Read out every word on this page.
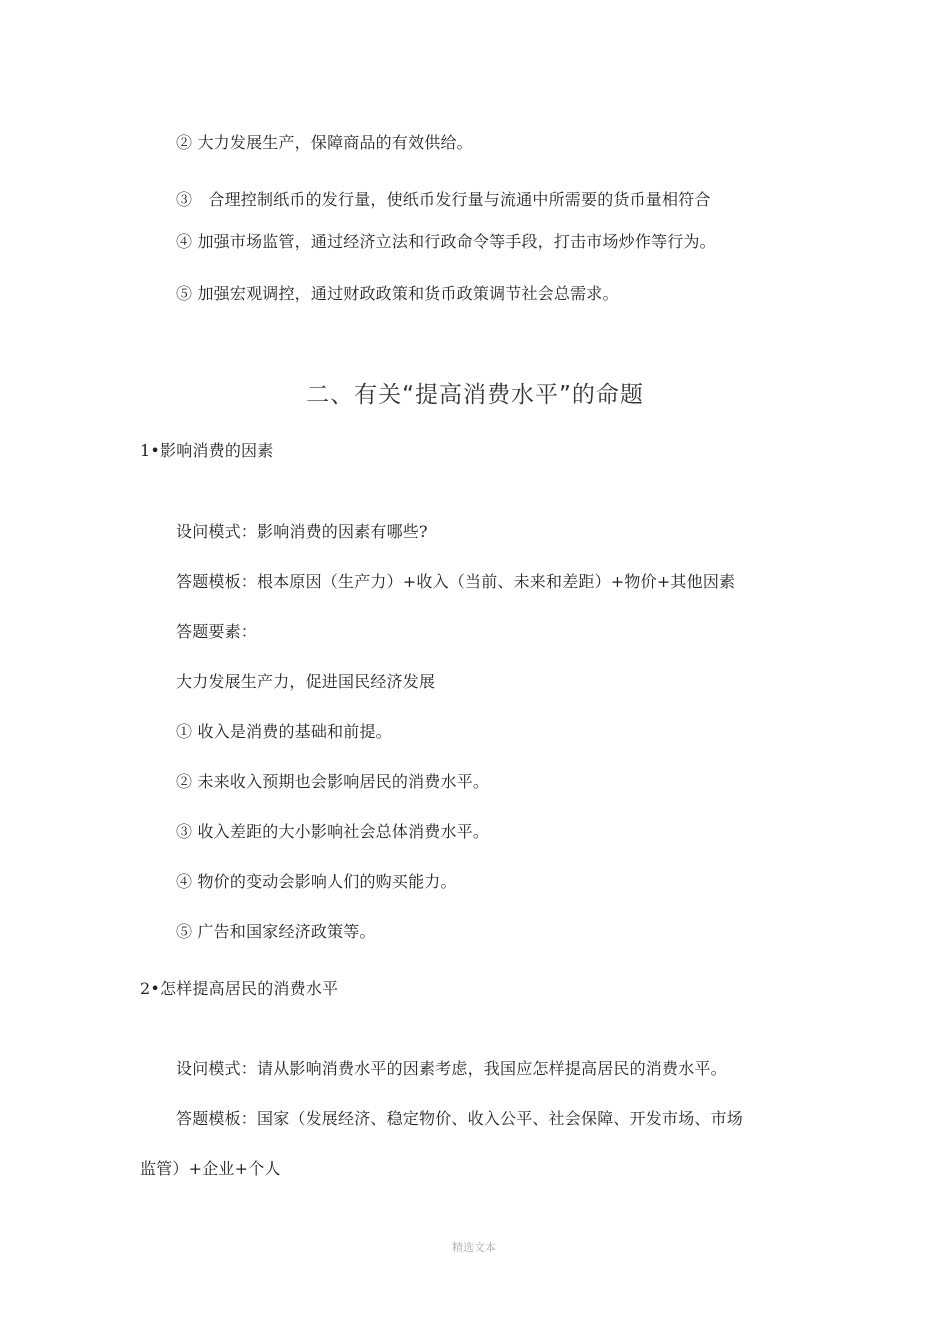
② 大力发展生产，保障商品的有效供给。
③　合理控制纸币的发行量，使纸币发行量与流通中所需要的货币量相符合
④ 加强市场监管，通过经济立法和行政命令等手段，打击市场炒作等行为。
⑤ 加强宏观调控，通过财政政策和货币政策调节社会总需求。
二、有关“提高消费水平”的命题
1•影响消费的因素
设问模式：影响消费的因素有哪些?
答题模板：根本原因（生产力）+收入（当前、未来和差距）+物价+其他因素
答题要素：
大力发展生产力，促进国民经济发展
① 收入是消费的基础和前提。
② 未来收入预期也会影响居民的消费水平。
③ 收入差距的大小影响社会总体消费水平。
④ 物价的变动会影响人们的购买能力。
⑤ 广告和国家经济政策等。
2•怎样提高居民的消费水平
设问模式：请从影响消费水平的因素考虑，我国应怎样提高居民的消费水平。
答题模板：国家（发展经济、稳定物价、收入公平、社会保障、开发市场、市场
监管）+企业+个人
精选文本
